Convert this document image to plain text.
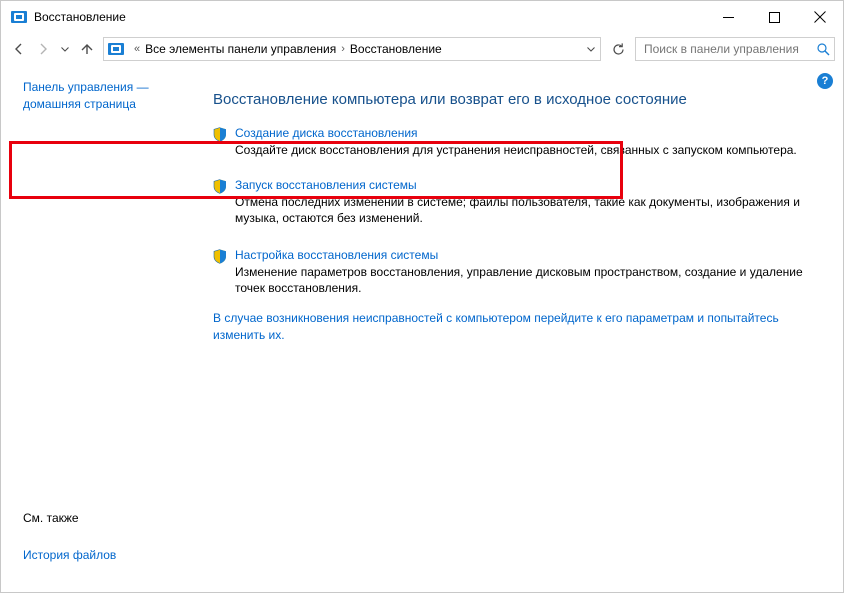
Восстановление
« Все элементы панели управления › Восстановление
Поиск в панели управления
Панель управления — домашняя страница
См. также
История файлов
?
Восстановление компьютера или возврат его в исходное состояние
Создание диска восстановления
Создайте диск восстановления для устранения неисправностей, связанных с запуском компьютера.
Запуск восстановления системы
Отмена последних изменений в системе; файлы пользователя, такие как документы, изображения и музыка, остаются без изменений.
Настройка восстановления системы
Изменение параметров восстановления, управление дисковым пространством, создание и удаление точек восстановления.
В случае возникновения неисправностей с компьютером перейдите к его параметрам и попытайтесь изменить их.
